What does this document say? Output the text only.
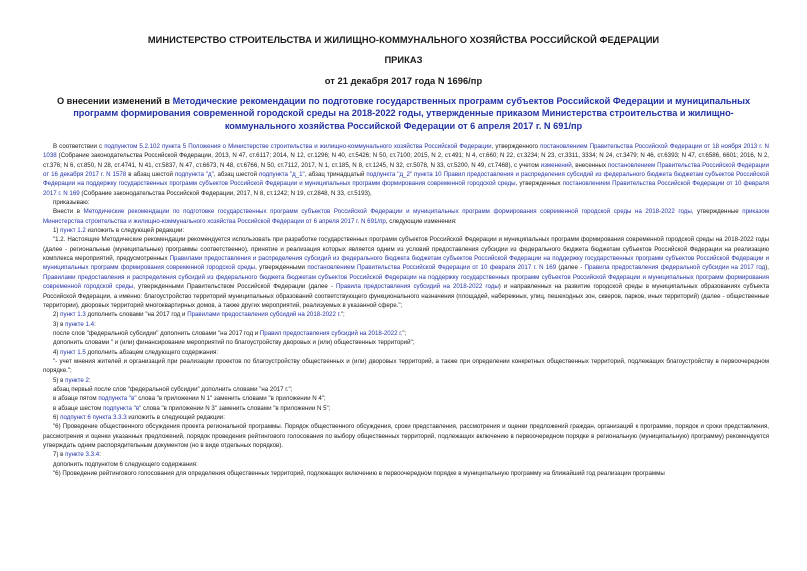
МИНИСТЕРСТВО СТРОИТЕЛЬСТВА И ЖИЛИЩНО-КОММУНАЛЬНОГО ХОЗЯЙСТВА РОССИЙСКОЙ ФЕДЕРАЦИИ
ПРИКАЗ
от 21 декабря 2017 года N 1696/пр
О внесении изменений в Методические рекомендации по подготовке государственных программ субъектов Российской Федерации и муниципальных программ формирования современной городской среды на 2018-2022 годы, утвержденные приказом Министерства строительства и жилищно-коммунального хозяйства Российской Федерации от 6 апреля 2017 г. N 691/пр

В соответствии с подпунктом 5.2.102 пункта 5 Положения о Министерстве строительства и жилищно-коммунального хозяйства Российской Федерации, утвержденного постановлением Правительства Российской Федерации от 18 ноября 2013 г. N 1038 (Собрание законодательства Российской Федерации, 2013, N 47, ст.6117; 2014, N 12, ст.1296; N 40, ст.5426; N 50, ст.7100; 2015, N 2, ст.491; N 4, ст.660; N 22, ст.3234; N 23, ст.3311, 3334; N 24, ст.3479; N 46, ст.6393; N 47, ст.6586, 6601; 2016, N 2, ст.376; N 6, ст.850, N 28, ст.4741, N 41, ст.5837, N 47, ст.6673, N 48, ст.6766, N 50, ст.7112, 2017, N 1, ст.185, N 8, ст.1245, N 32, ст.5078, N 33, ст.5200, N 49, ст.7468), с учетом изменений, внесенных постановлением Правительства Российской Федерации от 16 декабря 2017 г. N 1578 в абзац шестой подпункта "д", абзац шестой подпункта "д_1", абзац тринадцатый подпункта "д_2" пункта 10 Правил предоставления и распределения субсидий из федерального бюджета бюджетам субъектов Российской Федерации на поддержку государственных программ субъектов Российской Федерации и муниципальных программ формирования современной городской среды, утвержденных постановлением Правительства Российской Федерации от 10 февраля 2017 г. N 169 (Собрание законодательства Российской Федерации, 2017, N 8, ст.1242; N 19, ст.2848, N 33, ст.5193),

приказываю:

Внести в Методические рекомендации по подготовке государственных программ субъектов Российской Федерации и муниципальных программ формирования современной городской среды на 2018-2022 годы, утвержденные приказом Министерства строительства и жилищно-коммунального хозяйства Российской Федерации от 6 апреля 2017 г. N 691/пр, следующие изменения:

1) пункт 1.2 изложить в следующей редакции:

"1.2. Настоящие Методические рекомендации рекомендуется использовать при разработке государственных программ субъектов Российской Федерации и муниципальных программ формирования современной городской среды на 2018-2022 годы (далее - региональные (муниципальные) программы соответственно), принятие и реализация которых является одним из условий предоставления субсидии из федерального бюджета бюджетам субъектов Российской Федерации на реализацию комплекса мероприятий, предусмотренных Правилами предоставления и распределения субсидий из федерального бюджета бюджетам субъектов Российской Федерации на поддержку государственных программ субъектов Российской Федерации и муниципальных программ формирования современной городской среды, утвержденными постановлением Правительства Российской Федерации от 10 февраля 2017 г. N 169 (далее - Правила предоставления федеральной субсидии на 2017 год), Правилами предоставления и распределения субсидий из федерального бюджета бюджетам субъектов Российской Федерации на поддержку государственных программ субъектов Российской Федерации и муниципальных программ формирования современной городской среды, утвержденными Правительством Российской Федерации (далее - Правила предоставления субсидий на 2018-2022 годы) и направленных на развитие городской среды в муниципальных образованиях субъекта Российской Федерации, а именно: благоустройство территорий муниципальных образований соответствующего функционального назначения (площадей, набережных, улиц, пешеходных зон, скверов, парков, иных территорий) (далее - общественные территории), дворовых территорий многоквартирных домов, а также других мероприятий, реализуемых в указанной сфере.";

2) пункт 1.3 дополнить словами "на 2017 год и Правилами предоставления субсидий на 2018-2022 г.";

3) в пункте 1.4:

после слов "федеральной субсидии" дополнить словами "на 2017 год и Правил предоставления субсидий на 2018-2022 г.";

дополнить словами " и (или) финансирование мероприятий по благоустройству дворовых и (или) общественных территорий";

4) пункт 1.5 дополнить абзацем следующего содержания:

"- учет мнения жителей и организаций при реализации проектов по благоустройству общественных и (или) дворовых территорий, а также при определении конкретных общественных территорий, подлежащих благоустройству в первоочередном порядке.";

5) в пункте 2:

абзац первый после слов "федеральной субсидии" дополнить словами "на 2017 г.";

в абзаце пятом подпункта "в" слова "в приложении N 1" заменить словами "в приложении N 4";

в абзаце шестом подпункта "в" слова "в приложении N 3" заменить словами "в приложении N 5";

6) подпункт 6 пункта 3.3.3 изложить в следующей редакции:

"6) Проведение общественного обсуждения проекта региональной программы. Порядок общественного обсуждения, сроки представления, рассмотрения и оценки предложений граждан, организаций к программе, порядок и сроки представления, рассмотрения и оценки указанных предложений, порядок проведения рейтингового голосования по выбору общественных территорий, подлежащих включению в первоочередном порядке в региональную (муниципальную) программу) рекомендуется утверждать одним распорядительным документом (но в виде отдельных порядков).

7) в пункте 3.3.4:

дополнить подпунктом 6 следующего содержания:

"6) Проведение рейтингового голосования для определения общественных территорий, подлежащих включению в первоочередном порядке в муниципальную программу на ближайший год реализации программы
